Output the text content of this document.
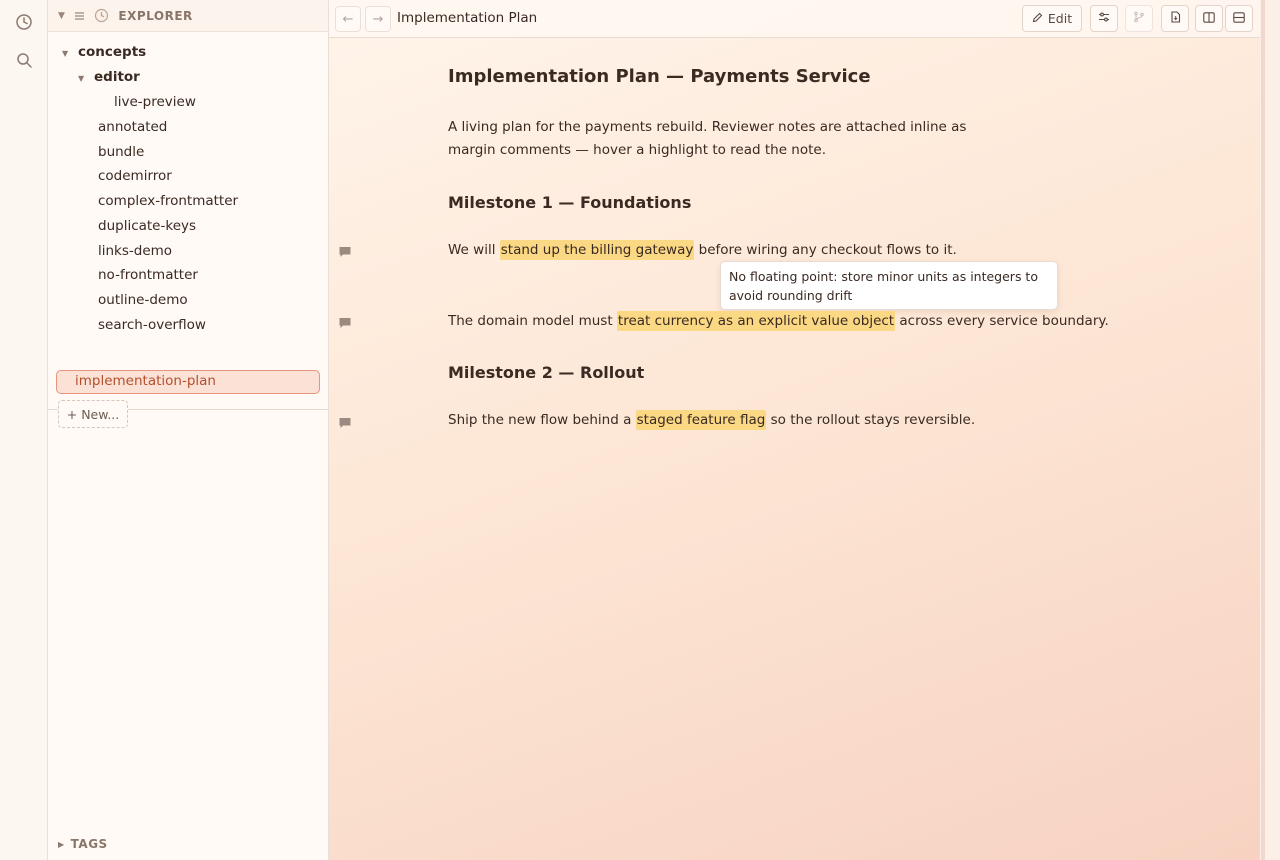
▼	EXPLORER
▼ concepts
▼ editor
live-preview
annotated
bundle
codemirror
complex-frontmatter
duplicate-keys
links-demo
no-frontmatter
outline-demo
search-overflow
implementation-plan
+ New...
▶ TAGS
←	→	Implementation Plan	Edit
Implementation Plan — Payments Service

A living plan for the payments rebuild. Reviewer notes are attached inline as

margin comments — hover a highlight to read the note.

Milestone 1 — Foundations

We will stand up the billing gateway before wiring any checkout flows to it.

No floating point: store minor units as integers to avoid rounding drift

The domain model must treat currency as an explicit value object across every service boundary.

Milestone 2 — Rollout

Ship the new flow behind a staged feature flag so the rollout stays reversible.
